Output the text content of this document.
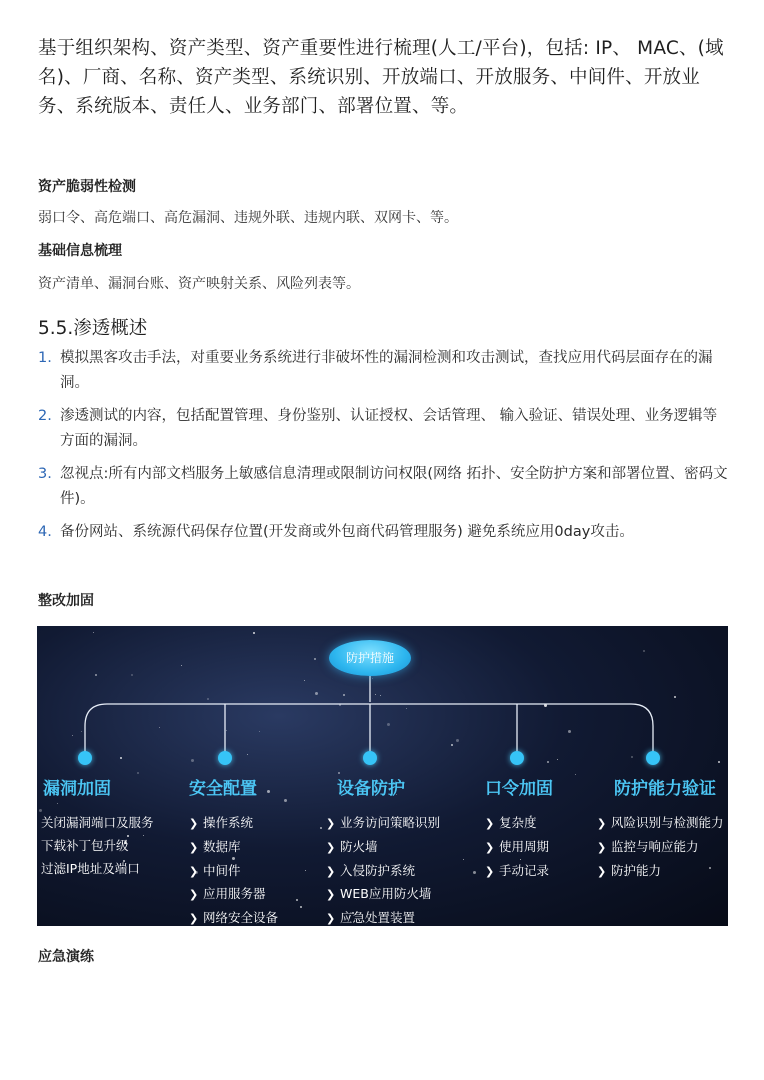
基于组织架构、资产类型、资产重要性进行梳理(人工/平台)，包括: IP、 MAC、(域 名)、厂商、名称、资产类型、系统识别、开放端口、开放服务、中间件、开放业务、系统版本、责任人、业务部门、部署位置、等。
资产脆弱性检测
弱口令、高危端口、高危漏洞、违规外联、违规内联、双网卡、等。
基础信息梳理
资产清单、漏洞台账、资产映射关系、风险列表等。
5.5.渗透概述
1. 模拟黑客攻击手法，对重要业务系统进行非破坏性的漏洞检测和攻击测试，查找应用代码层面存在的漏洞。
2. 渗透测试的内容，包括配置管理、身份鉴别、认证授权、会话管理、 输入验证、错误处理、业务逻辑等方面的漏洞。
3. 忽视点:所有内部文档服务上敏感信息清理或限制访问权限(网络 拓扑、安全防护方案和部署位置、密码文件)。
4. 备份网站、系统源代码保存位置(开发商或外包商代码管理服务) 避免系统应用0day攻击。
整改加固
应急演练
防护措施
漏洞加固	安全配置	设备防护	口令加固	防护能力验证
关闭漏洞端口及服务
下载补丁包升级
过滤IP地址及端口
❯ 操作系统
❯ 数据库
❯ 中间件
❯ 应用服务器
❯ 网络安全设备
❯ 业务访问策略识别
❯ 防火墙
❯ 入侵防护系统
❯ WEB应用防火墙
❯ 应急处置装置
❯ 复杂度
❯ 使用周期
❯ 手动记录
❯ 风险识别与检测能力
❯ 监控与响应能力
❯ 防护能力
